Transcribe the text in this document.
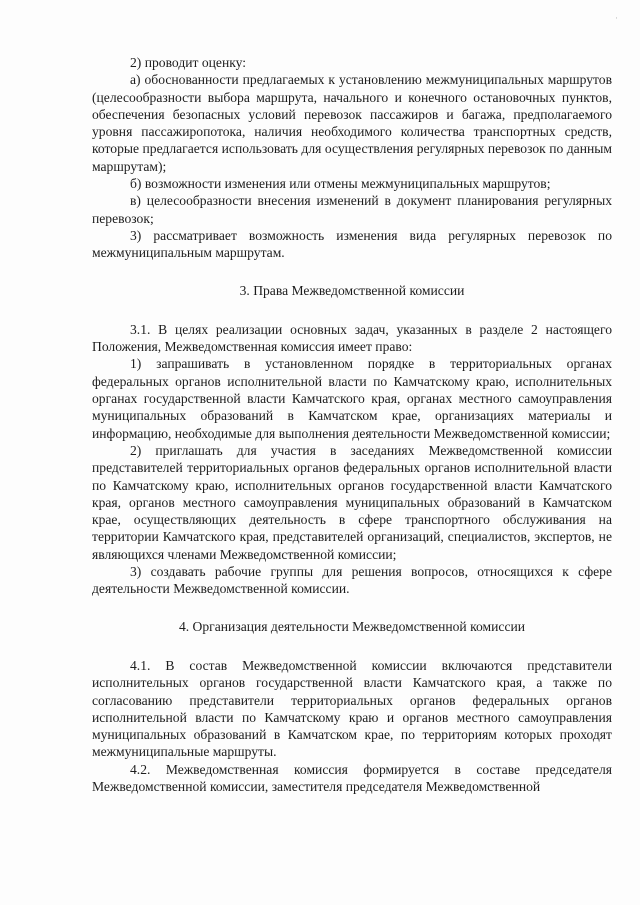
·

2) проводит оценку:

а) обоснованности предлагаемых к установлению межмуниципальных маршрутов (целесообразности выбора маршрута, начального и конечного остановочных пунктов, обеспечения безопасных условий перевозок пассажиров и багажа, предполагаемого уровня пассажиропотока, наличия необходимого количества транспортных средств, которые предлагается использовать для осуществления регулярных перевозок по данным маршрутам);

б) возможности изменения или отмены межмуниципальных маршрутов;

в) целесообразности внесения изменений в документ планирования регулярных перевозок;

3) рассматривает возможность изменения вида регулярных перевозок по межмуниципальным маршрутам.

3. Права Межведомственной комиссии

3.1. В целях реализации основных задач, указанных в разделе 2 настоящего Положения, Межведомственная комиссия имеет право:

1) запрашивать в установленном порядке в территориальных органах федеральных органов исполнительной власти по Камчатскому краю, исполнительных органах государственной власти Камчатского края, органах местного самоуправления муниципальных образований в Камчатском крае, организациях материалы и информацию, необходимые для выполнения деятельности Межведомственной комиссии;

2) приглашать для участия в заседаниях Межведомственной комиссии представителей территориальных органов федеральных органов исполнительной власти по Камчатскому краю, исполнительных органов государственной власти Камчатского края, органов местного самоуправления муниципальных образований в Камчатском крае, осуществляющих деятельность в сфере транспортного обслуживания на территории Камчатского края, представителей организаций, специалистов, экспертов, не являющихся членами Межведомственной комиссии;

3) создавать рабочие группы для решения вопросов, относящихся к сфере деятельности Межведомственной комиссии.

4. Организация деятельности Межведомственной комиссии

4.1. В состав Межведомственной комиссии включаются представители исполнительных органов государственной власти Камчатского края, а также по согласованию представители территориальных органов федеральных органов исполнительной власти по Камчатскому краю и органов местного самоуправления муниципальных образований в Камчатском крае, по территориям которых проходят межмуниципальные маршруты.

4.2. Межведомственная комиссия формируется в составе председателя Межведомственной комиссии, заместителя председателя Межведомственной
